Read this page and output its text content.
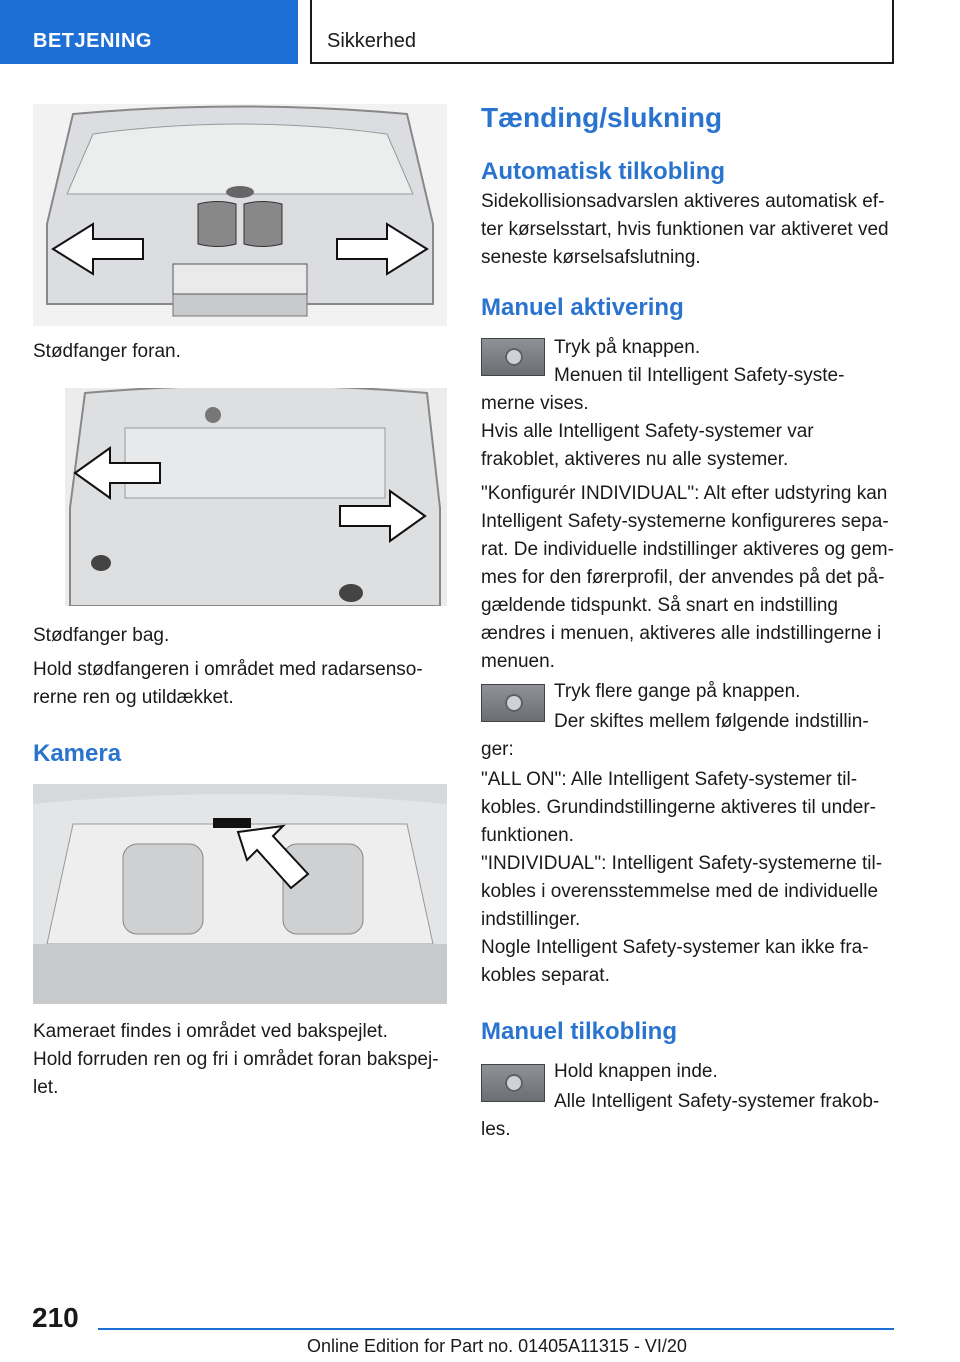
BETJENING	Sikkerhed

Stødfanger foran.

Stødfanger bag.

Hold stødfangeren i området med radarsensorerne ren og utildækket.

Kamera

Kameraet findes i området ved bakspejlet.

Hold forruden ren og fri i området foran bakspejlet.

Tænding/slukning
Automatisk tilkobling

Sidekollisionsadvarslen aktiveres automatisk efter kørselsstart, hvis funktionen var aktiveret ved seneste kørselsafslutning.

Manuel aktivering

Tryk på knappen.

Menuen til Intelligent Safety-syste-

merne vises.

Hvis alle Intelligent Safety-systemer var frakoblet, aktiveres nu alle systemer.

"Konfigurér INDIVIDUAL": Alt efter udstyring kan Intelligent Safety-systemerne konfigureres separat. De individuelle indstillinger aktiveres og gemmes for den førerprofil, der anvendes på det pågældende tidspunkt. Så snart en indstilling ændres i menuen, aktiveres alle indstillingerne i menuen.

Tryk flere gange på knappen.

Der skiftes mellem følgende indstillin-

ger:

"ALL ON": Alle Intelligent Safety-systemer tilkobles. Grundindstillingerne aktiveres til underfunktionen.

"INDIVIDUAL": Intelligent Safety-systemerne tilkobles i overensstemmelse med de individuelle indstillinger.

Nogle Intelligent Safety-systemer kan ikke frakobles separat.

Manuel tilkobling

Hold knappen inde.

Alle Intelligent Safety-systemer frakob-

les.

210
Online Edition for Part no. 01405A11315 - VI/20
